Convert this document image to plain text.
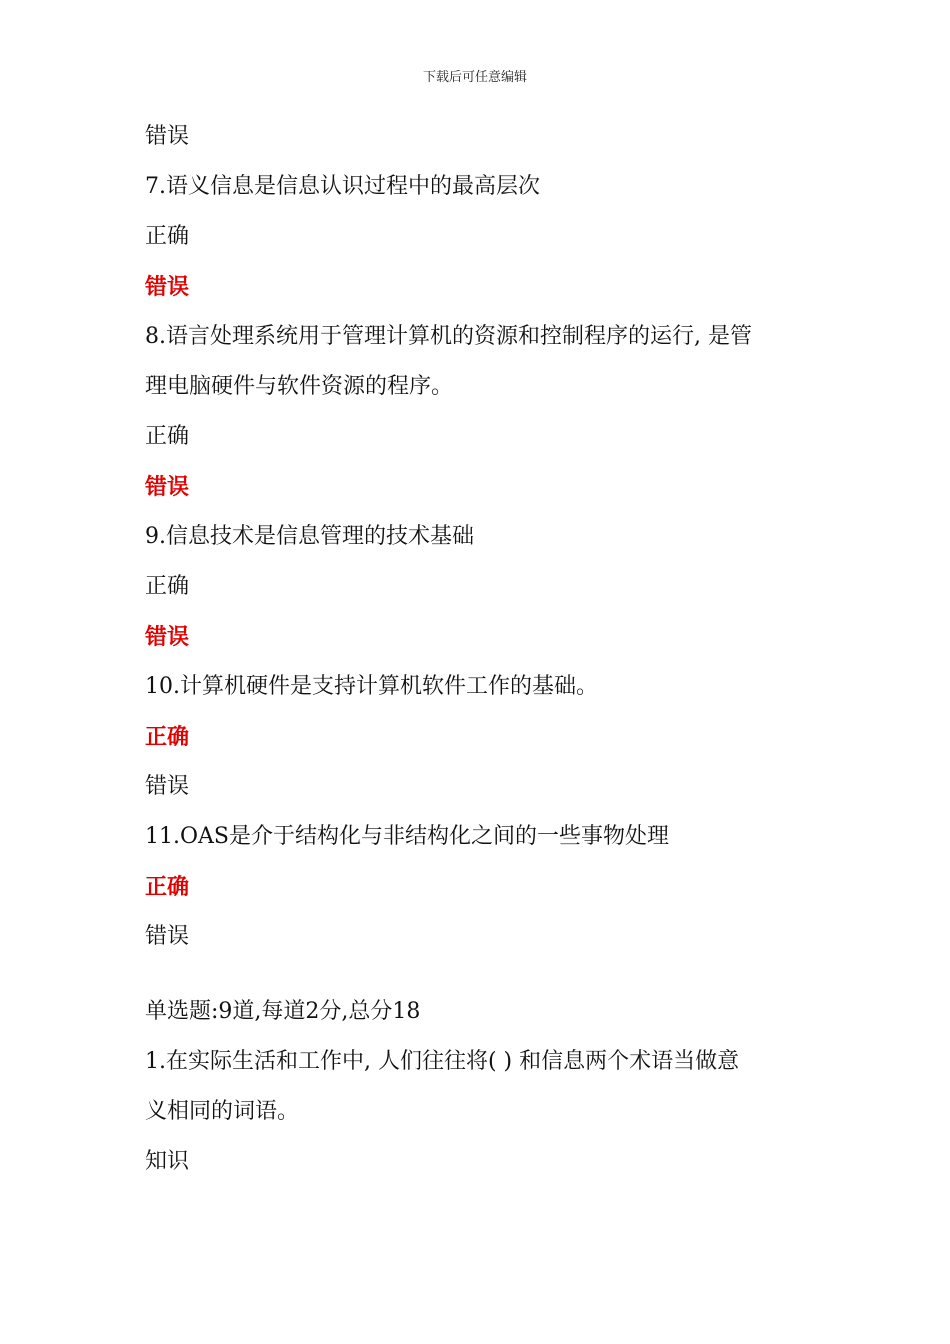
下载后可任意编辑
错误
7.语义信息是信息认识过程中的最高层次
正确
错误
8.语言处理系统用于管理计算机的资源和控制程序的运行, 是管
理电脑硬件与软件资源的程序。
正确
错误
9.信息技术是信息管理的技术基础
正确
错误
10.计算机硬件是支持计算机软件工作的基础。
正确
错误
11.OAS是介于结构化与非结构化之间的一些事物处理
正确
错误
单选题:9道,每道2分,总分18
1.在实际生活和工作中, 人们往往将( ) 和信息两个术语当做意
义相同的词语。
知识
